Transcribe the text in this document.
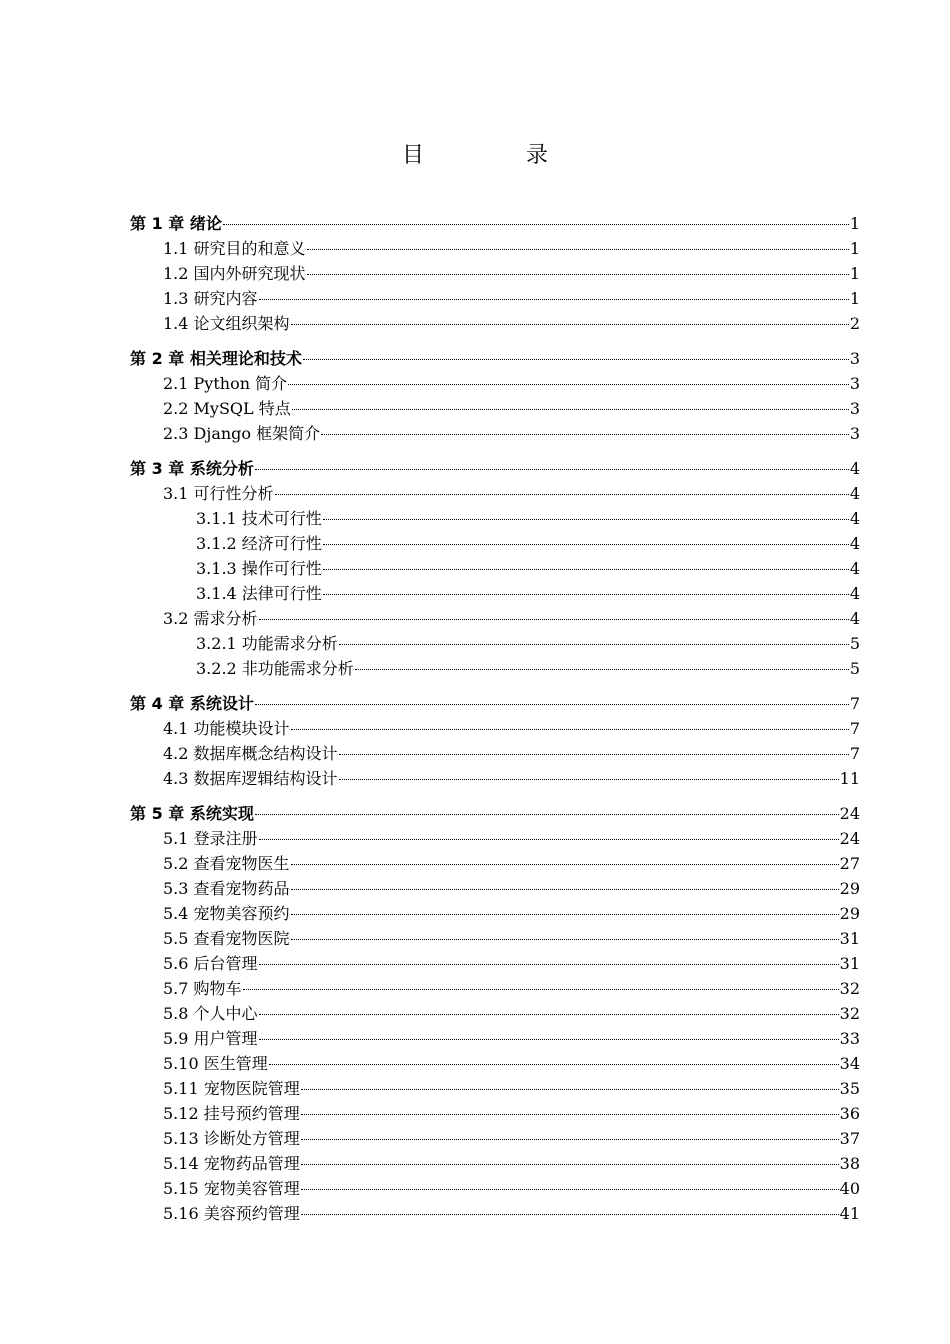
目　录
第 1 章 绪论	1
1.1 研究目的和意义	1
1.2 国内外研究现状	1
1.3 研究内容	1
1.4 论文组织架构	2
第 2 章 相关理论和技术	3
2.1 Python 简介	3
2.2 MySQL 特点	3
2.3 Django 框架简介	3
第 3 章 系统分析	4
3.1 可行性分析	4
3.1.1 技术可行性	4
3.1.2 经济可行性	4
3.1.3 操作可行性	4
3.1.4 法律可行性	4
3.2 需求分析	4
3.2.1 功能需求分析	5
3.2.2 非功能需求分析	5
第 4 章 系统设计	7
4.1 功能模块设计	7
4.2 数据库概念结构设计	7
4.3 数据库逻辑结构设计	11
第 5 章 系统实现	24
5.1 登录注册	24
5.2 查看宠物医生	27
5.3 查看宠物药品	29
5.4 宠物美容预约	29
5.5 查看宠物医院	31
5.6 后台管理	31
5.7 购物车	32
5.8 个人中心	32
5.9 用户管理	33
5.10 医生管理	34
5.11 宠物医院管理	35
5.12 挂号预约管理	36
5.13 诊断处方管理	37
5.14 宠物药品管理	38
5.15 宠物美容管理	40
5.16 美容预约管理	41
